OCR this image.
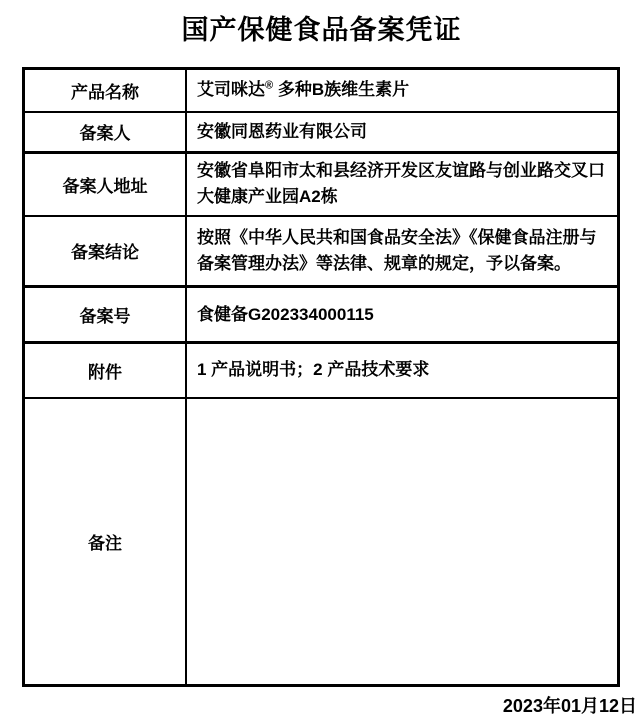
国产保健食品备案凭证
产品名称	艾司咪达® 多种B族维生素片
备案人	安徽同恩药业有限公司
备案人地址	安徽省阜阳市太和县经济开发区友谊路与创业路交叉口大健康产业园A2栋
备案结论	按照《中华人民共和国食品安全法》《保健食品注册与备案管理办法》等法律、规章的规定，予以备案。
备案号	食健备G202334000115
附件	1 产品说明书；2 产品技术要求
备注	
2023年01月12日
